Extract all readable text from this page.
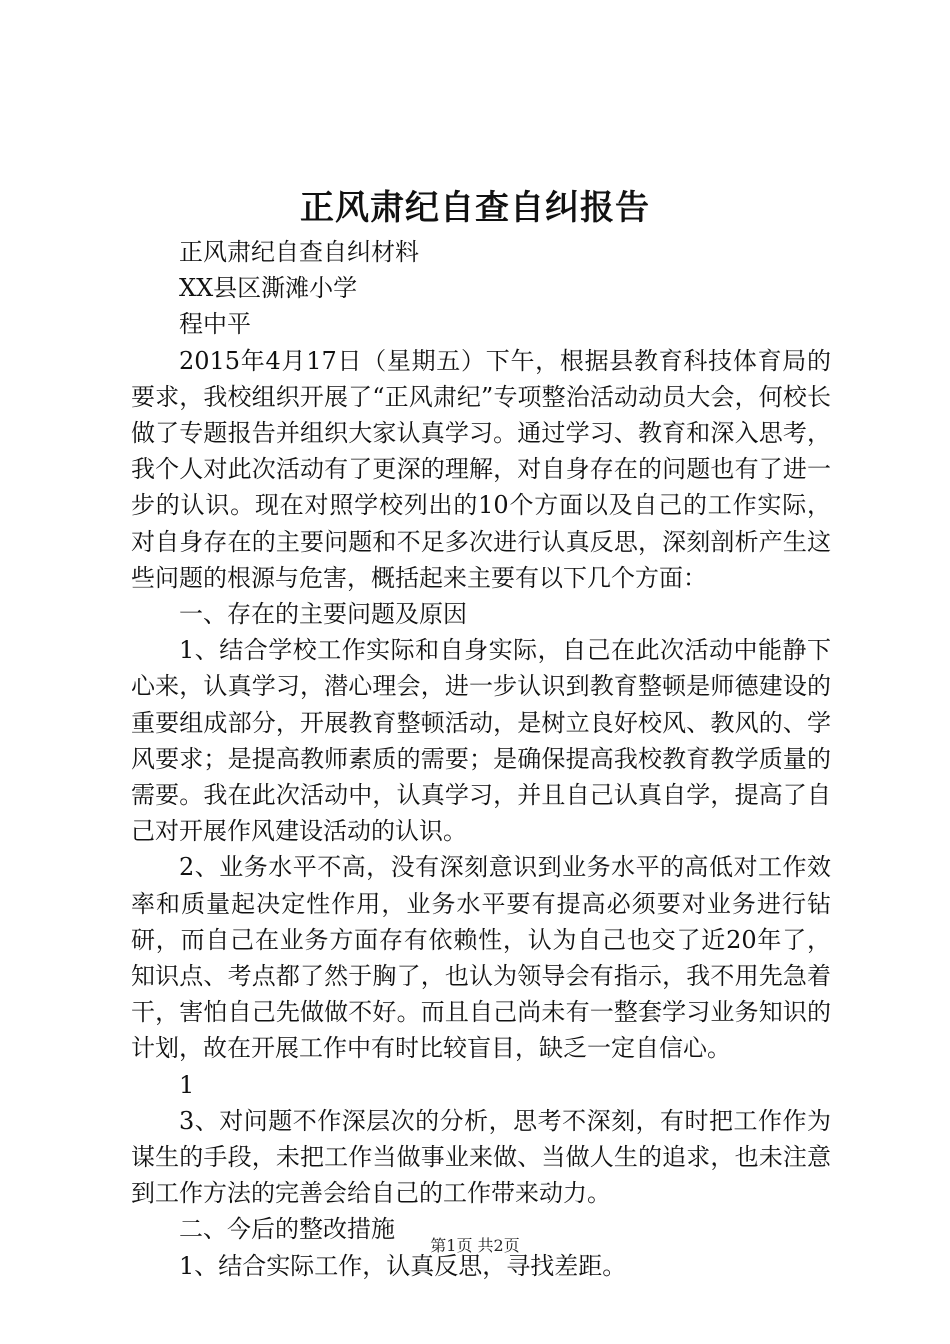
正风肃纪自查自纠报告

正风肃纪自查自纠材料

XX县区澌滩小学

程中平

2015年4月17日（星期五）下午，根据县教育科技体育局的要求，我校组织开展了“正风肃纪”专项整治活动动员大会，何校长做了专题报告并组织大家认真学习。通过学习、教育和深入思考，我个人对此次活动有了更深的理解，对自身存在的问题也有了进一步的认识。现在对照学校列出的10个方面以及自己的工作实际，对自身存在的主要问题和不足多次进行认真反思，深刻剖析产生这些问题的根源与危害，概括起来主要有以下几个方面：

一、存在的主要问题及原因

1、结合学校工作实际和自身实际，自己在此次活动中能静下心来，认真学习，潜心理会，进一步认识到教育整顿是师德建设的重要组成部分，开展教育整顿活动，是树立良好校风、教风的、学风要求；是提高教师素质的需要；是确保提高我校教育教学质量的需要。我在此次活动中，认真学习，并且自己认真自学，提高了自己对开展作风建设活动的认识。

2、业务水平不高，没有深刻意识到业务水平的高低对工作效率和质量起决定性作用，业务水平要有提高必须要对业务进行钻研，而自己在业务方面存有依赖性，认为自己也交了近20年了，知识点、考点都了然于胸了，也认为领导会有指示，我不用先急着干，害怕自己先做做不好。而且自己尚未有一整套学习业务知识的计划，故在开展工作中有时比较盲目，缺乏一定自信心。

1

3、对问题不作深层次的分析，思考不深刻，有时把工作作为谋生的手段，未把工作当做事业来做、当做人生的追求，也未注意到工作方法的完善会给自己的工作带来动力。

二、今后的整改措施

1、结合实际工作，认真反思，寻找差距。

第1页 共2页
